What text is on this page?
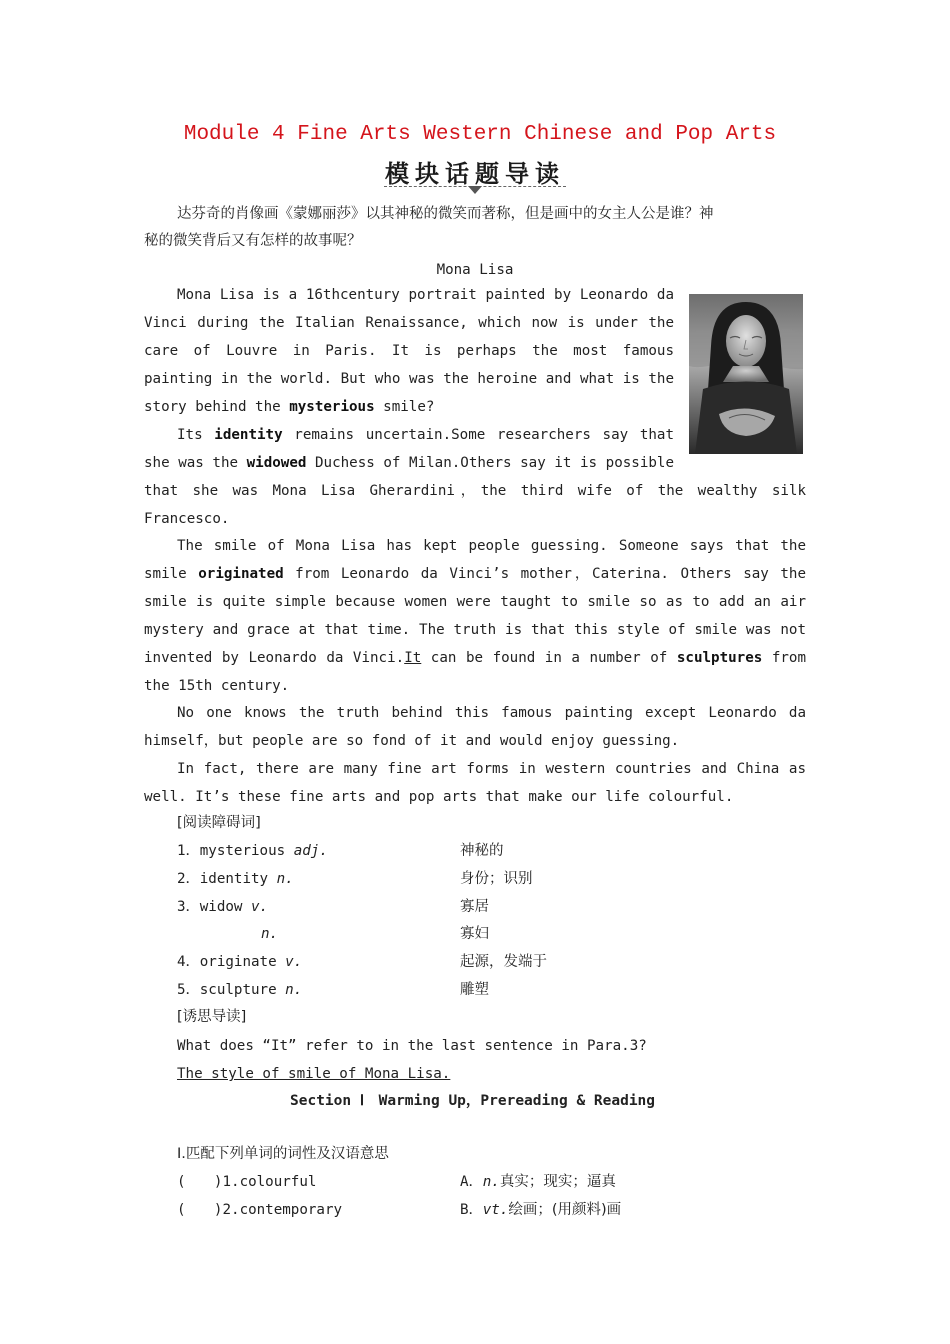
Module 4 Fine Arts Western Chinese and Pop Arts
模块话题导读
达芬奇的肖像画《蒙娜丽莎》以其神秘的微笑而著称，但是画中的女主人公是谁？神
秘的微笑背后又有怎样的故事呢？
Mona Lisa
Mona Lisa is a 16thcentury portrait painted by Leonardo da
Vinci during the Italian Renaissance, which now is under the
care of Louvre in Paris. It is perhaps the most famous
painting in the world. But who was the heroine and what is the
story behind the mysterious smile?
Its identity remains uncertain.Some researchers say that
she was the widowed Duchess of Milan.Others say it is possible
that she was Mona Lisa Gherardini，the third wife of the wealthy silk
Francesco.
The smile of Mona Lisa has kept people guessing. Someone says that the
smile originated from Leonardo da Vinci’s mother，Caterina. Others say the
smile is quite simple because women were taught to smile so as to add an air
mystery and grace at that time. The truth is that this style of smile was not
invented by Leonardo da Vinci.It can be found in a number of sculptures from
the 15th century.
No one knows the truth behind this famous painting except Leonardo da
himself，but people are so fond of it and would enjoy guessing.
In fact, there are many fine art forms in western countries and China as
well. It’s these fine arts and pop arts that make our life colourful.
[阅读障碍词]
1．mysterious adj.	神秘的
2．identity n.	身份；识别
3．widow v.	寡居
n.	寡妇
4．originate v.	起源，发端于
5．sculpture n.	雕塑
[诱思导读]
What does “It” refer to in the last sentence in Para.3?
The style of smile of Mona Lisa.
Section Ⅰ　Warming Up，Prereading & Reading
Ⅰ.匹配下列单词的词性及汉语意思
(　　)1.colourful	A．n.真实；现实；逼真
(　　)2.contemporary	B．vt.绘画；(用颜料)画
